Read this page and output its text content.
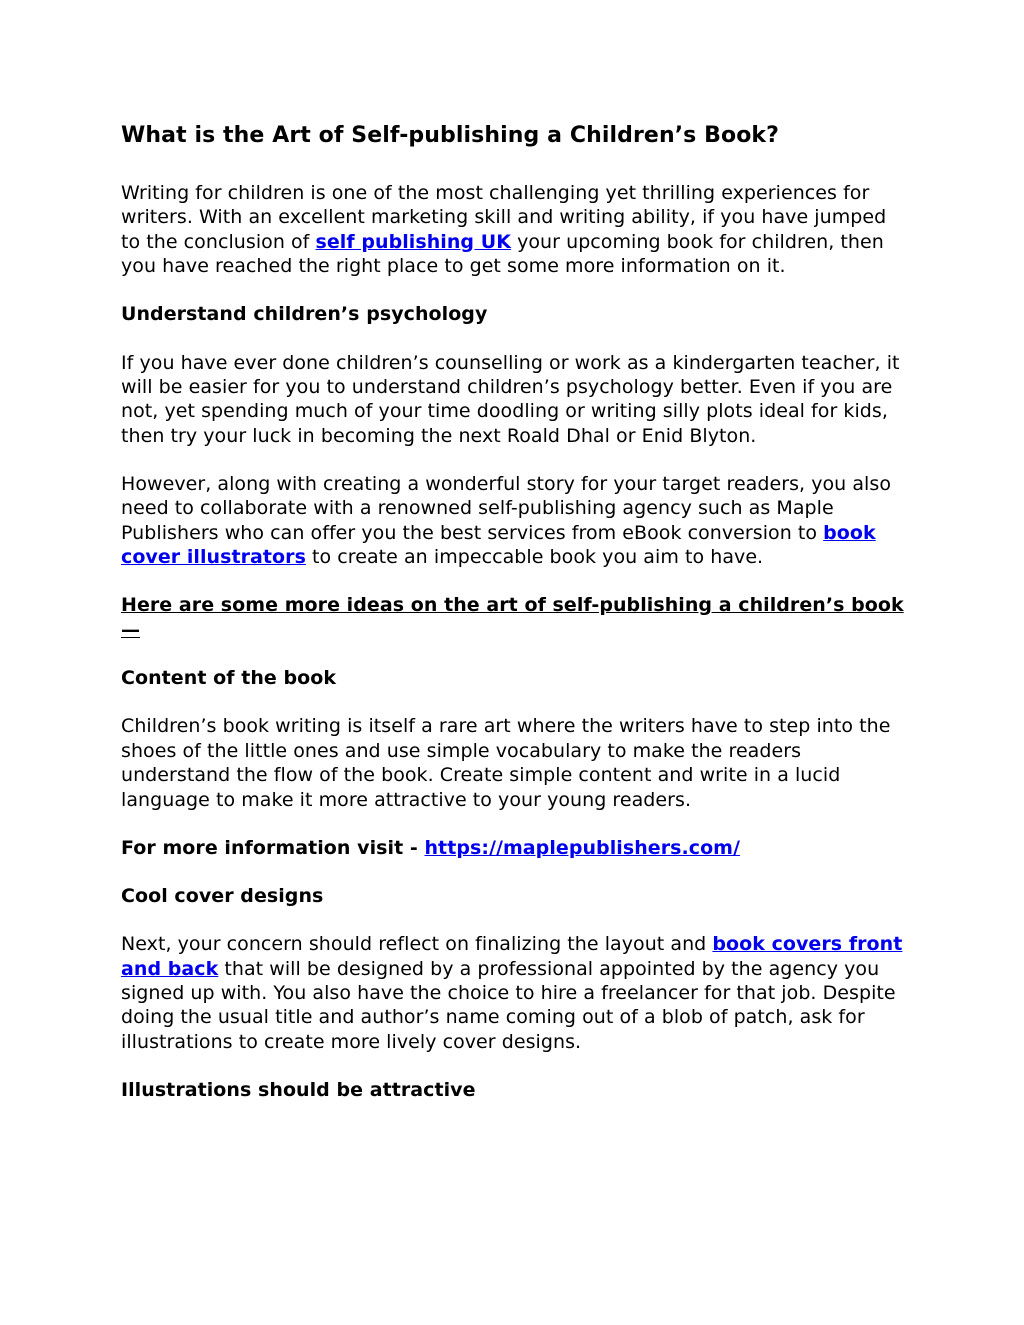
What is the Art of Self-publishing a Children’s Book?

Writing for children is one of the most challenging yet thrilling experiences for writers. With an excellent marketing skill and writing ability, if you have jumped to the conclusion of self publishing UK your upcoming book for children, then you have reached the right place to get some more information on it.

Understand children’s psychology

If you have ever done children’s counselling or work as a kindergarten teacher, it will be easier for you to understand children’s psychology better. Even if you are not, yet spending much of your time doodling or writing silly plots ideal for kids, then try your luck in becoming the next Roald Dhal or Enid Blyton.

However, along with creating a wonderful story for your target readers, you also need to collaborate with a renowned self-publishing agency such as Maple Publishers who can offer you the best services from eBook conversion to book cover illustrators to create an impeccable book you aim to have.

Here are some more ideas on the art of self-publishing a children’s book—

Content of the book

Children’s book writing is itself a rare art where the writers have to step into the shoes of the little ones and use simple vocabulary to make the readers understand the flow of the book. Create simple content and write in a lucid language to make it more attractive to your young readers.

For more information visit - https://maplepublishers.com/

Cool cover designs

Next, your concern should reflect on finalizing the layout and book covers front and back that will be designed by a professional appointed by the agency you signed up with. You also have the choice to hire a freelancer for that job. Despite doing the usual title and author’s name coming out of a blob of patch, ask for illustrations to create more lively cover designs.

Illustrations should be attractive
